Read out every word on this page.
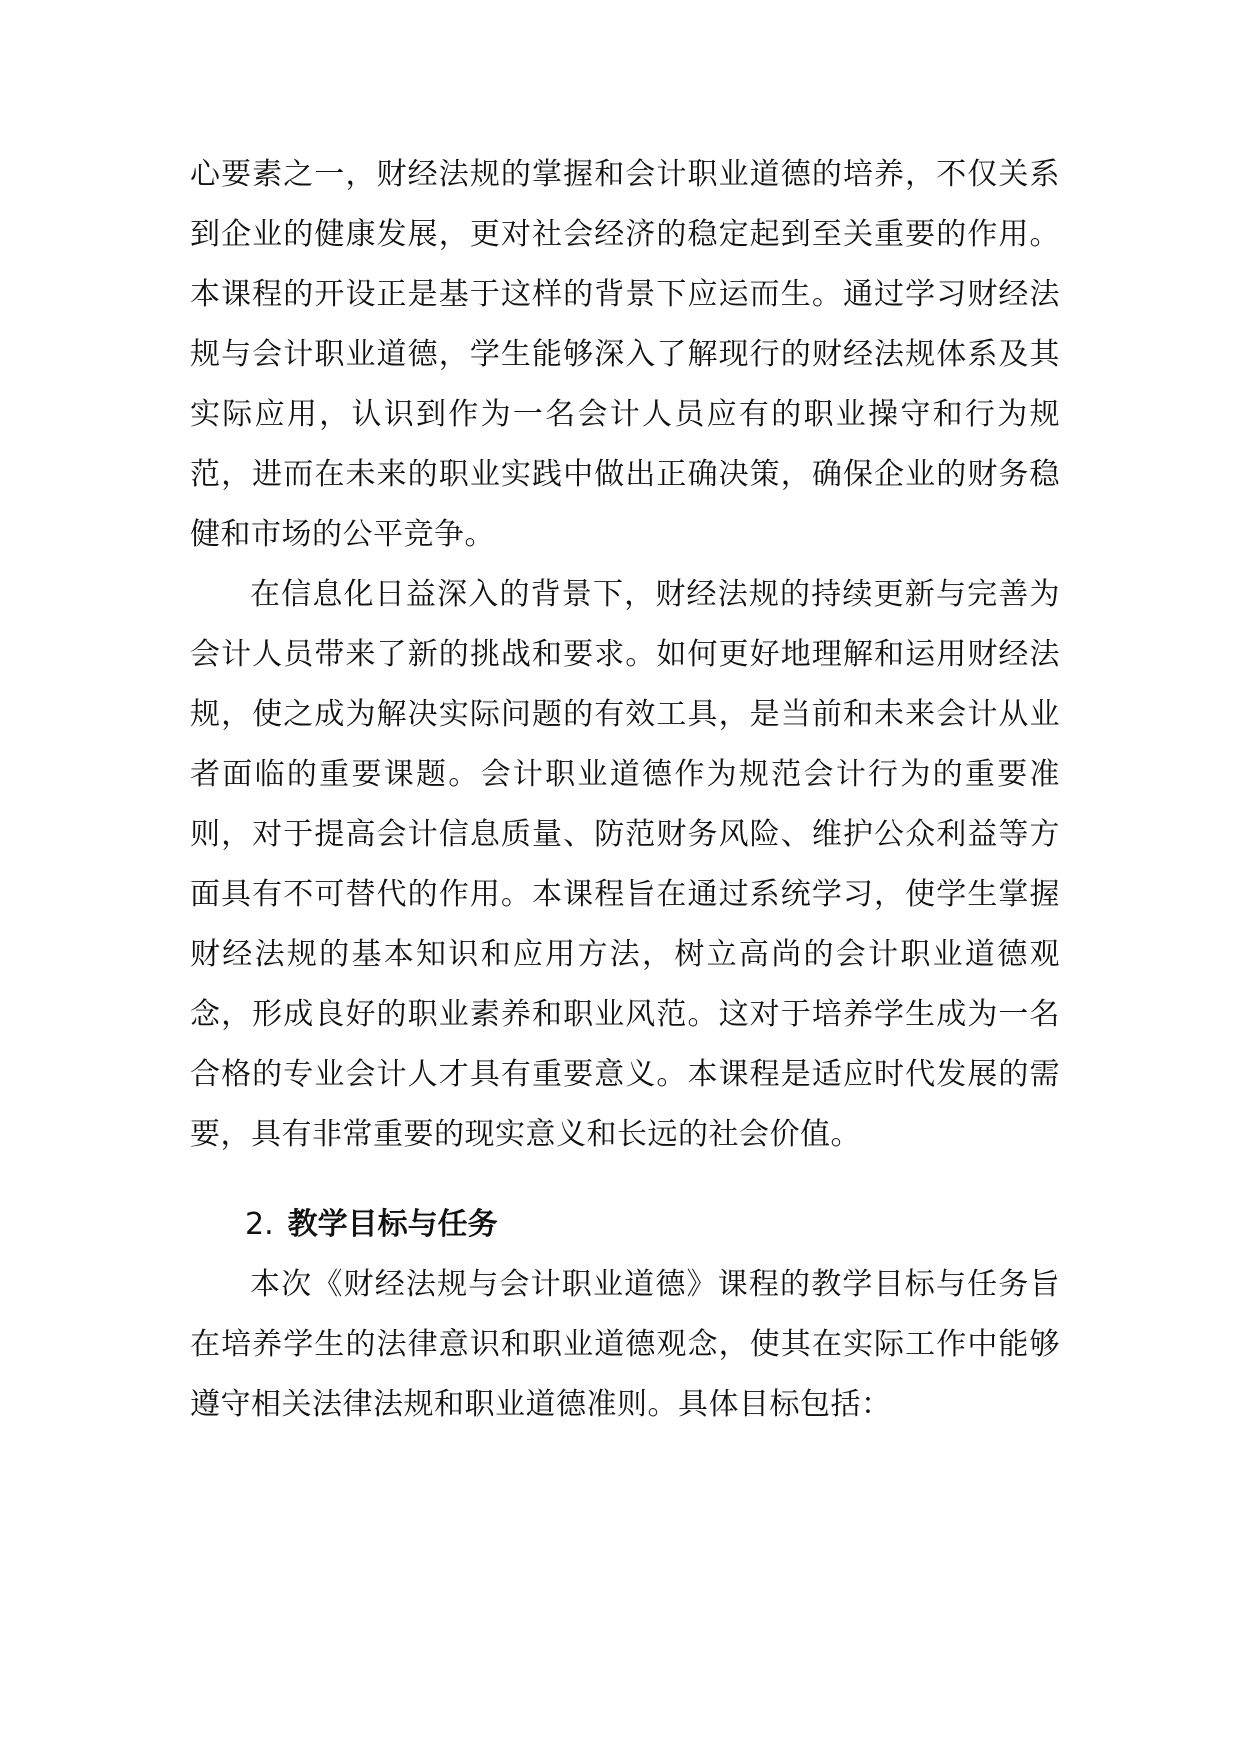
心要素之一，财经法规的掌握和会计职业道德的培养，不仅关系到企业的健康发展，更对社会经济的稳定起到至关重要的作用。本课程的开设正是基于这样的背景下应运而生。通过学习财经法规与会计职业道德，学生能够深入了解现行的财经法规体系及其实际应用，认识到作为一名会计人员应有的职业操守和行为规范，进而在未来的职业实践中做出正确决策，确保企业的财务稳健和市场的公平竞争。

在信息化日益深入的背景下，财经法规的持续更新与完善为会计人员带来了新的挑战和要求。如何更好地理解和运用财经法规，使之成为解决实际问题的有效工具，是当前和未来会计从业者面临的重要课题。会计职业道德作为规范会计行为的重要准则，对于提高会计信息质量、防范财务风险、维护公众利益等方面具有不可替代的作用。本课程旨在通过系统学习，使学生掌握财经法规的基本知识和应用方法，树立高尚的会计职业道德观念，形成良好的职业素养和职业风范。这对于培养学生成为一名合格的专业会计人才具有重要意义。本课程是适应时代发展的需要，具有非常重要的现实意义和长远的社会价值。

2. 教学目标与任务

本次《财经法规与会计职业道德》课程的教学目标与任务旨在培养学生的法律意识和职业道德观念，使其在实际工作中能够遵守相关法律法规和职业道德准则。具体目标包括：
